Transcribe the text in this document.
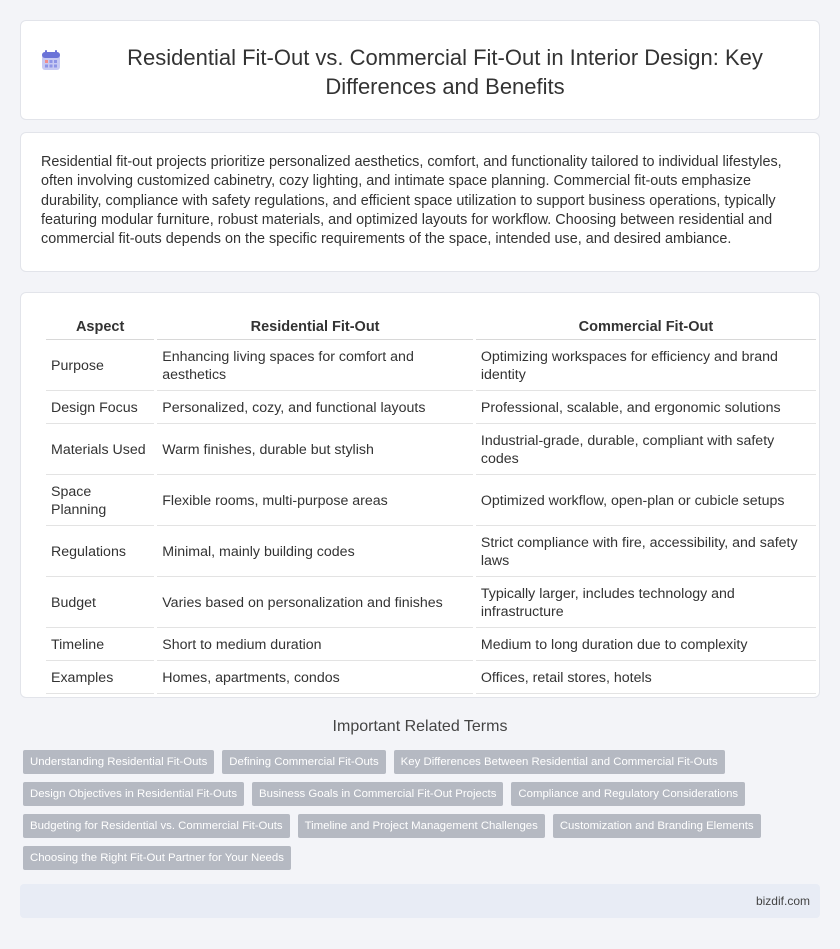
Residential Fit-Out vs. Commercial Fit-Out in Interior Design: Key Differences and Benefits

Residential fit-out projects prioritize personalized aesthetics, comfort, and functionality tailored to individual lifestyles, often involving customized cabinetry, cozy lighting, and intimate space planning. Commercial fit-outs emphasize durability, compliance with safety regulations, and efficient space utilization to support business operations, typically featuring modular furniture, robust materials, and optimized layouts for workflow. Choosing between residential and commercial fit-outs depends on the specific requirements of the space, intended use, and desired ambiance.

Aspect	Residential Fit-Out	Commercial Fit-Out
Purpose	Enhancing living spaces for comfort and aesthetics	Optimizing workspaces for efficiency and brand identity
Design Focus	Personalized, cozy, and functional layouts	Professional, scalable, and ergonomic solutions
Materials Used	Warm finishes, durable but stylish	Industrial-grade, durable, compliant with safety codes
Space Planning	Flexible rooms, multi-purpose areas	Optimized workflow, open-plan or cubicle setups
Regulations	Minimal, mainly building codes	Strict compliance with fire, accessibility, and safety laws
Budget	Varies based on personalization and finishes	Typically larger, includes technology and infrastructure
Timeline	Short to medium duration	Medium to long duration due to complexity
Examples	Homes, apartments, condos	Offices, retail stores, hotels
Important Related Terms
Understanding Residential Fit-Outs	Defining Commercial Fit-Outs	Key Differences Between Residential and Commercial Fit-Outs
Design Objectives in Residential Fit-Outs	Business Goals in Commercial Fit-Out Projects	Compliance and Regulatory Considerations
Budgeting for Residential vs. Commercial Fit-Outs	Timeline and Project Management Challenges	Customization and Branding Elements
Choosing the Right Fit-Out Partner for Your Needs
bizdif.com
